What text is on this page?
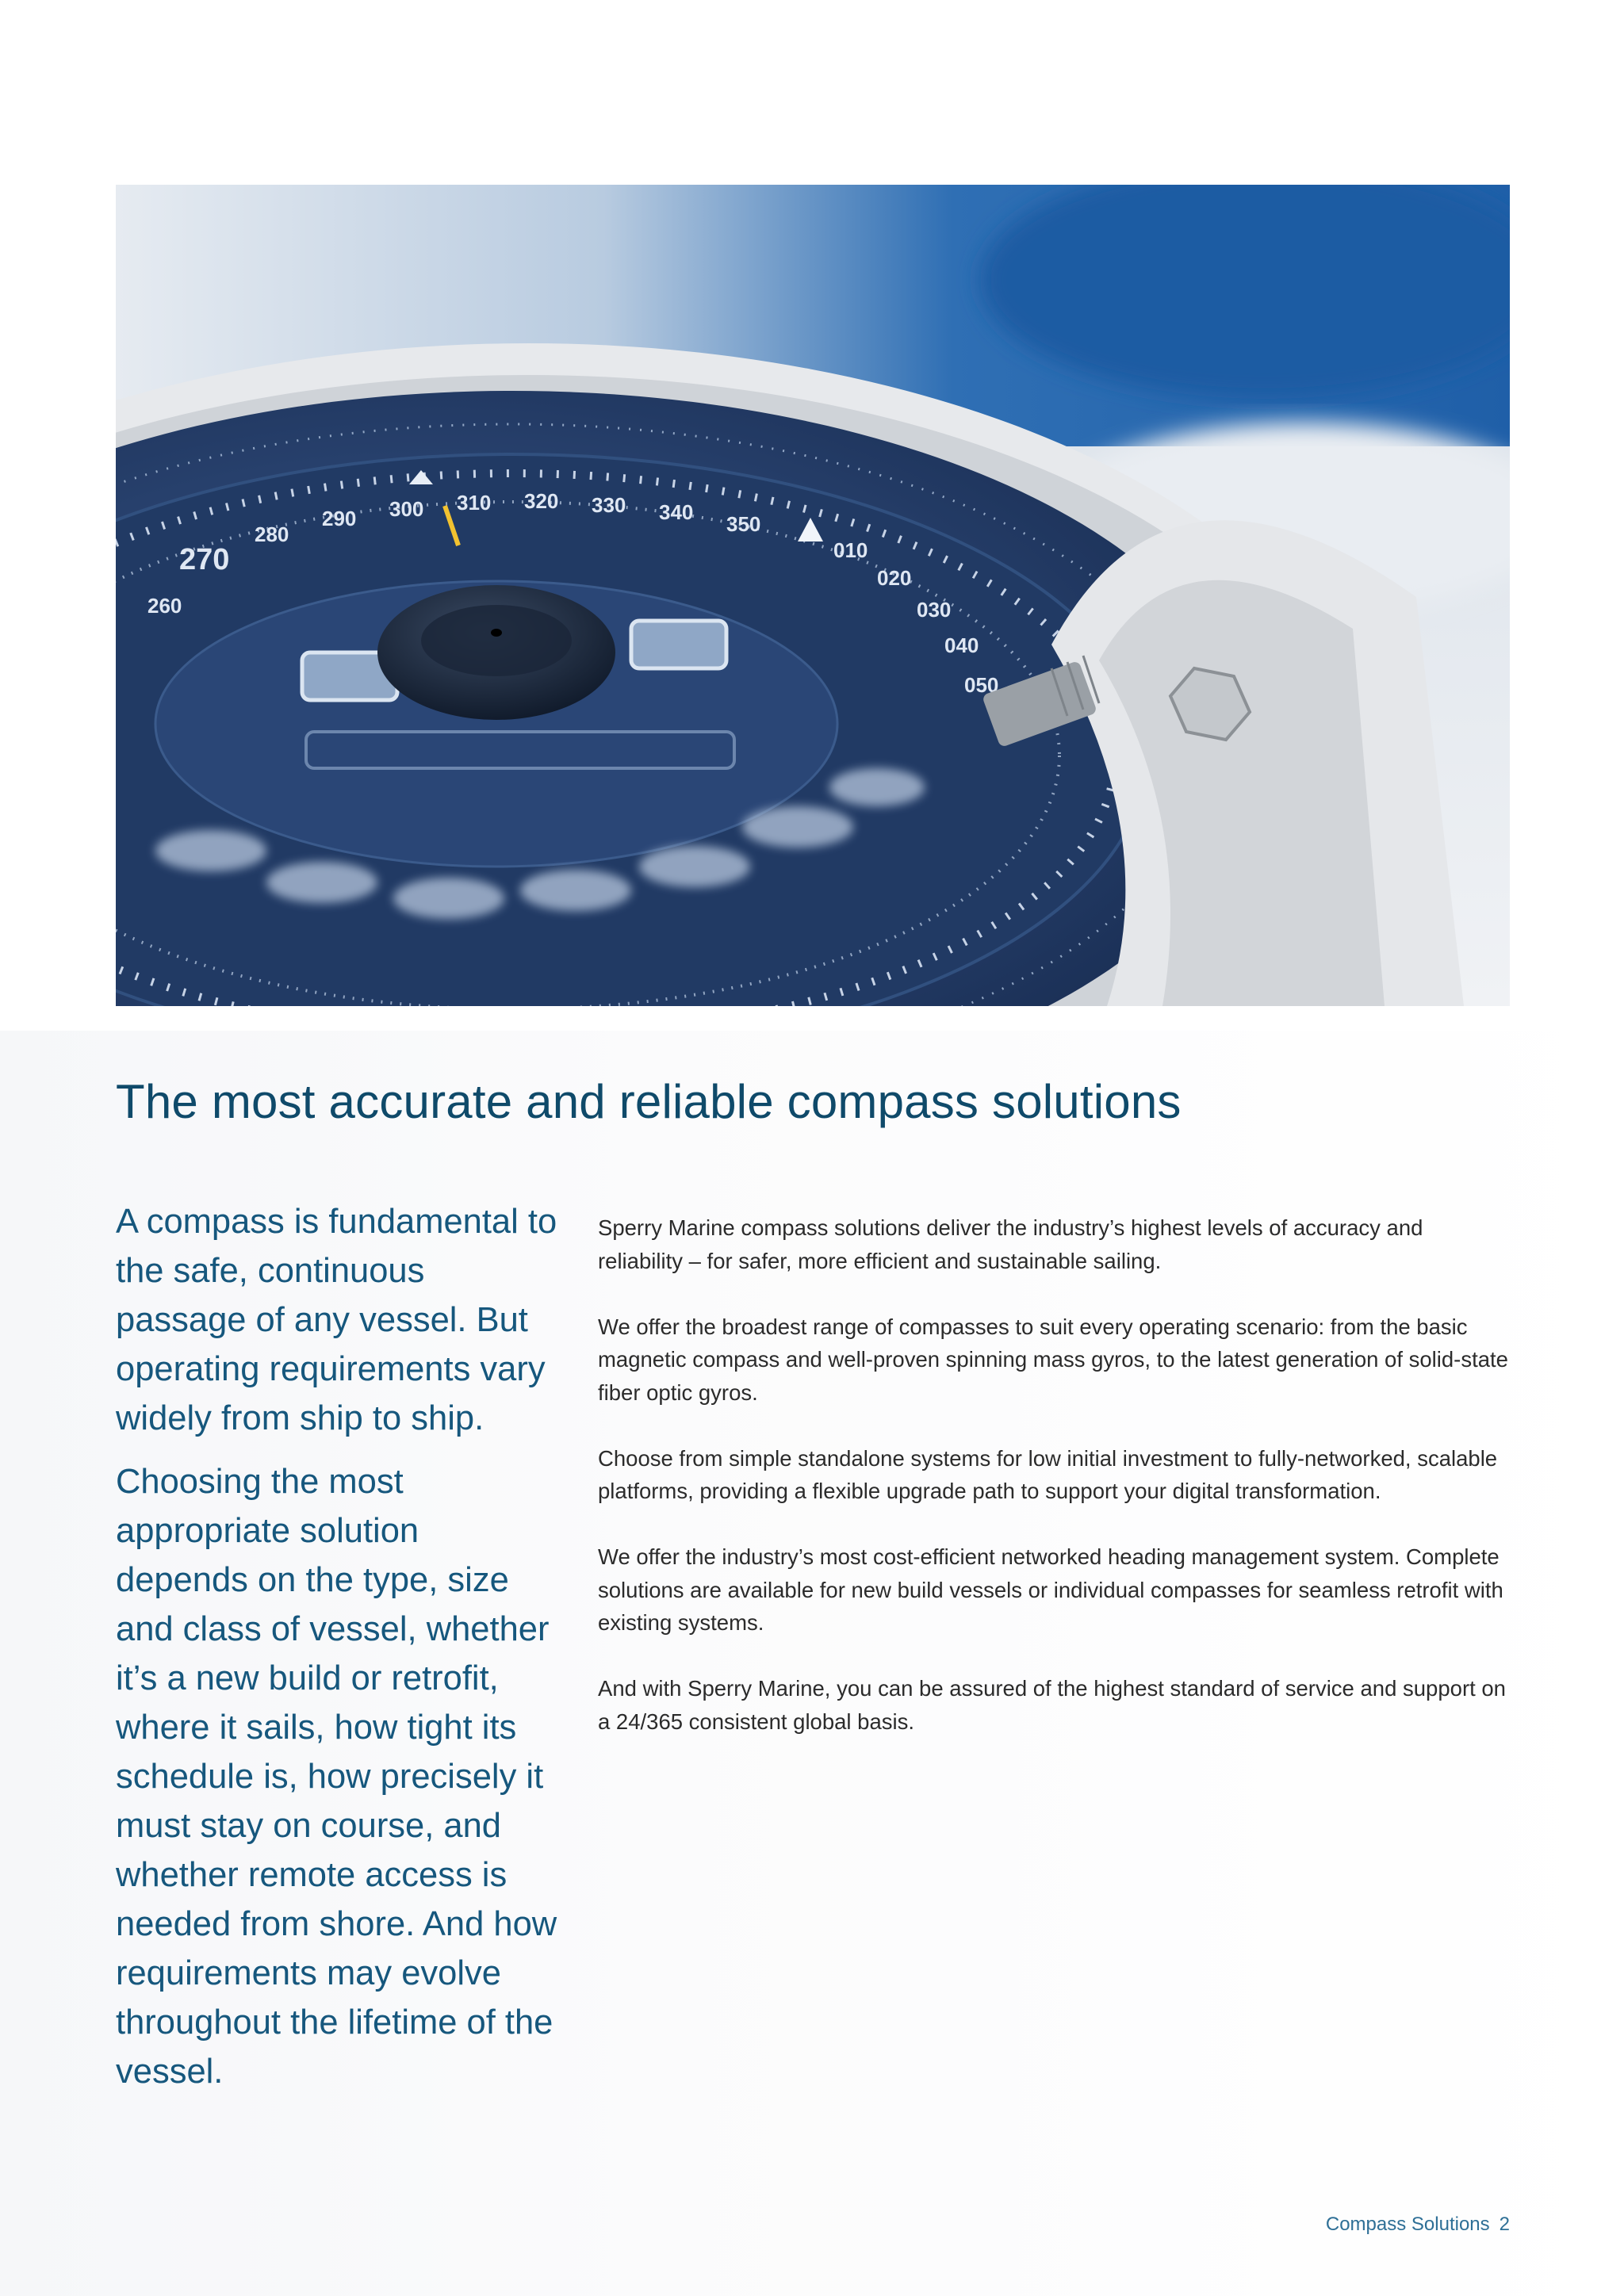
260
270
280
290 300 310 320 330 340 350
010
020
030
040
050
The most accurate and reliable compass solutions

A compass is fundamental to the safe, continuous passage of any vessel. But operating requirements vary widely from ship to ship.

Choosing the most appropriate solution depends on the type, size and class of vessel, whether it’s a new build or retrofit, where it sails, how tight its schedule is, how precisely it must stay on course, and whether remote access is needed from shore. And how requirements may evolve throughout the lifetime of the vessel.

Sperry Marine compass solutions deliver the industry’s highest levels of accuracy and reliability – for safer, more efficient and sustainable sailing.

We offer the broadest range of compasses to suit every operating scenario: from the basic magnetic compass and well-proven spinning mass gyros, to the latest generation of solid-state fiber optic gyros.

Choose from simple standalone systems for low initial investment to fully-networked, scalable platforms, providing a flexible upgrade path to support your digital transformation.

We offer the industry’s most cost-efficient networked heading management system. Complete solutions are available for new build vessels or individual compasses for seamless retrofit with existing systems.

And with Sperry Marine, you can be assured of the highest standard of service and support on a 24/365 consistent global basis.

Compass Solutions 2
